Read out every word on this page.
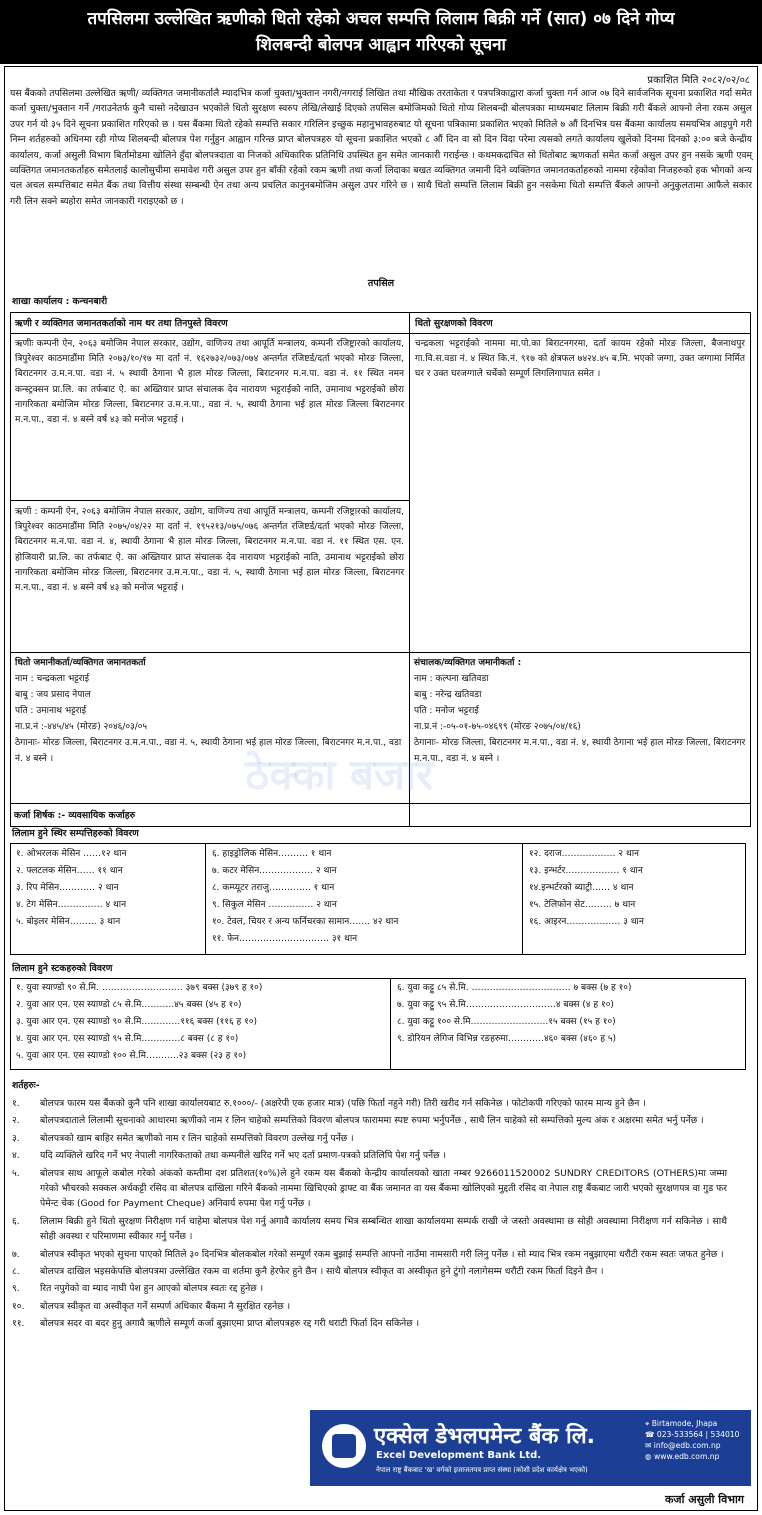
तपसिलमा उल्लेखित ऋणीको धितो रहेको अचल सम्पत्ति लिलाम बिक्री गर्ने (सात) ०७ दिने गोप्य
शिलबन्दी बोलपत्र आह्वान गरिएको सूचना
प्रकाशित मिति २०८२/०२/०८
यस बैंकको तपसिलमा उल्लेखित ऋणी/ व्यक्तिगत जमानीकर्तालै म्यादभित्र कर्जा चुक्ता/भुक्तान नगरी/नगराई लिखित तथा मौखिक तरताकेता र पत्रपत्रिकाद्वारा कर्जा चुक्ता गर्न आज ०७ दिने सार्वजनिक सूचना प्रकाशित गर्दा समेत कर्जा चुक्ता/भुक्तान गर्ने /गराउनेतर्फ कुनै चासो नदेखाउन भएकोले धितो सुरक्षण स्वरुप लेखि/लेखाई दिएको तपसिल बमोजिमको धितो गोप्य शिलबन्दी बोलपत्रका माध्यमबाट लिलाम बिक्री गरी बैंकले आफ्नो लेना रकम असुल उपर गर्न यो ३५ दिने सूचना प्रकाशित गरिएको छ । यस बैंकमा धितो रहेको सम्पत्ति सकार गरिलिन इच्छुक महानुभावहरुबाट यो सूचना पत्रिकामा प्रकाशित भएको मितिले ७ औं दिनभित्र यस बैंकमा कार्यालय समयभित्र आइपुगे गरी निम्न शर्तहरुको अधिनमा रही गोप्य शिलबन्दी बोलपत्र पेश गर्नुहुन आह्वान गरिन्छ प्राप्त बोलपत्रहरु यो सूचना प्रकाशित भएको ८ औं दिन वा सो दिन विदा परेमा त्यसको लगते कार्यालय खुलेको दिनमा दिनको ३:०० बजे केन्द्रीय कार्यालय, कर्जा असुली विभाग बिर्तामोडमा खोलिने हुँदा बोलपत्रदाता वा निजको अधिकारिक प्रतिनिधि उपस्थित हुन समेत जानकारी गराईन्छ । कथमकदाचित सो धितोबाट ऋणकर्ता समेत कर्जा असुल उपर हुन नसके ऋणी एवम् व्यक्तिगत जमानतकर्ताहरु समेतलाई कालोसुचीमा समावेश गरी असुल उपर हुन बाँकी रहेको रकम ऋणी तथा कर्जा लिदाका बखत व्यक्तिगत जमानी दिने व्यक्तिगत जमानतकर्ताहरुको नाममा रहेकोवा निजहरुको हक भोगको अन्य चल अचल सम्पत्तिबाट समेत बैंक तथा वित्तीय संस्था सम्बन्धी ऐन तथा अन्य प्रचलित कानुनबमोजिम असुल उपर गरिने छ । साथै धितो सम्पत्ति लिलाम बिक्री हुन नसकेमा धितो सम्पत्ति बैंकले आफ्नो अनुकुलतामा आफैले सकार गरी लिन सक्ने ब्यहोरा समेत जानकारी गराइएको छ ।
तपसिल
शाखा कार्यालय : कन्चनबारी
ऋणी र व्यक्तिगत जमानतकर्ताको नाम थर तथा तिनपुस्ते विवरण	धितो सुरक्षणको विवरण
ऋणीः कम्पनी ऐन, २०६३ बमोजिम नेपाल सरकार, उद्योग, वाणिज्य तथा आपूर्ति मन्त्रालय, कम्पनी रजिष्ट्रारको कार्यालय, त्रिपुरेश्वर काठमाडौंमा मिति २०७३/१०/१७ मा दर्ता नं. १६२७३२/०७३/०७४ अन्तर्गत रजिष्टर्ड/दर्ता भएको मोरङ जिल्ला, बिराटनगर उ.म.न.पा. वडा नं. ५ स्थायी ठेगाना भै हाल मोरङ जिल्ला, बिराटनगर म.न.पा. वडा नं. ११ स्थित नमन कन्स्ट्रक्सन प्रा.लि. का तर्फबाट ऐ. का अख्तियार प्राप्त संचालक देव नारायण भट्टराईको नाति, उमानाथ भट्टराईको छोरा नागरिकता बमोजिम मोरङ जिल्ला, बिराटनगर उ.म.न.पा., वडा नं. ५, स्थायी ठेगाना भई हाल मोरङ जिल्ला बिराटनगर म.न.पा., वडा नं. ४ बस्ने वर्ष ४३ को मनोज भट्टराई ।
चन्द्रकला भट्टराईको नाममा मा.पो.का बिराटनगरमा, दर्ता कायम रहेको मोरङ जिल्ला, बैजनाथपुर गा.वि.स.वडा नं. ४ स्थित कि.नं. ९१७ को क्षेत्रफल ७४२४.४५ ब.मि. भएको जग्गा, उक्त जग्गामा निर्मित घर र उक्त घरजग्गाले चर्चेको सम्पूर्ण लिगलिगापात समेत ।
ऋणी : कम्पनी ऐन, २०६३ बमोजिम नेपाल सरकार, उद्योग, वाणिज्य तथा आपूर्ति मन्त्रालय, कम्पनी रजिष्ट्रारको कार्यालय, त्रिपुरेश्वर काठमाडौंमा मिति २०७५/०४/२२ मा दर्ता नं. १९५२१३/०७५/०७६ अन्तर्गत रजिष्टर्ड/दर्ता भएको मोरङ जिल्ला, बिराटनगर म.न.पा. वडा नं. ४, स्थायी ठेगाना भै हाल मोरङ जिल्ला, बिराटनगर म.न.पा. वडा नं. ११ स्थित एस. एन. होजियारी प्रा.लि. का तर्फबाट ऐ. का अख्तियार प्राप्त संचालक देव नारायण भट्टराईको नाति, उमानाथ भट्टराईको छोरा नागरिकता बमोजिम मोरङ जिल्ला, बिराटनगर उ.म.न.पा., वडा नं. ५, स्थायी ठेगाना भई हाल मोरङ जिल्ला, बिराटनगर म.न.पा., वडा नं. ४ बस्ने वर्ष ४३ को मनोज भट्टराई ।
धितो जमानीकर्ता/व्यक्तिगत जमानतकर्ता
नाम : चन्द्रकला भट्टराई
बाबु : जय प्रसाद नेपाल
पति : उमानाथ भट्टराई
ना.प्र.नं :-४४५/४५ (मोरङ) २०४६/०३/०५
ठेगानाः- मोरङ जिल्ला, बिराटनगर उ.म.न.पा., वडा नं. ५, स्थायी ठेगाना भई हाल मोरङ जिल्ला, बिराटनगर म.न.पा., वडा नं. ४ बस्ने ।
संचालक/व्यक्तिगत जमानीकर्ता :
नाम : कल्पना खतिवडा
बाबु : नरेन्द्र खतिवडा
पति : मनोज भट्टराई
ना.प्र.नं :-०५-०१-७५-०४६९९ (मोरङ २०७५/०४/१६)
ठेगानाः- मोरङ जिल्ला, बिराटनगर म.न.पा., वडा नं. ४, स्थायी ठेगाना भई हाल मोरङ जिल्ला, बिराटनगर म.न.पा., वडा नं. ४ बस्ने ।
ठेक्का बजार
कर्जा शिर्षक :- व्यवसायिक कर्जाहरु
लिलाम हुने स्थिर सम्पत्तिहरुको विवरण
१. ओभरलक मेसिन ……१२ थान
२. फ्लटलक मेसिन…… ११ थान
३. रिप मेसिन………… २ थान
४. टेग मेसिन…………… ४ थान
५. बोइलर मेसिन……… ३ थान
६. हाइड्रोलिक मेसिन………. १ थान
७. कटर मेसिन……………… २ थान
८. कम्प्यूटर तराजु………….. १ थान
९. सिकुल मेसिन …………… २ थान
१०. टेवल, चियर र अन्य फर्निचरका सामान……. ४२ थान
११. फेन………………………… ३१ थान
१२. दराज……………… २ थान
१३. इन्भर्टर……………… १ थान
१४.इन्भर्टरको ब्याट्री…… ४ थान
१५. टेलिफोन सेट……… ७ थान
१६. आइरन……………… ३ थान
लिलाम हुने स्टकहरुको विवरण
१. युवा स्याण्डो ९० से.मि. ……………………… ३७९ बक्स (३७९ ह १०)
२. युवा आर एन. एस स्याण्डो ८५ से.मि………..४५ बक्स (४५ ह १०)
३. युवा आर एन. एस स्याण्डो ९० से.मि………….११६ बक्स (११६ ह १०)
४. युवा आर एन. एस स्याण्डो ९५ से.मि………….८ बक्स (८ ह १०)
५. युवा आर एन. एस स्याण्डो १०० से.मि………..२३ बक्स (२३ ह १०)
६. युवा कट्टु ८५ से.मि. …………………………… ७ बक्स (७ ह १०)
७. युवा कट्टु ९५ से.मि…………………………४ बक्स (४ ह १०)
८. युवा कट्टु १०० से.मि……………………..१५ बक्स (१५ ह १०)
९. डोरियन लेगिज विभिन्न रङहरुमा…………४६० बक्स (४६० ह ५)
शर्तहरुः-
१. बोलपत्र फारम यस बैंकको कुनै पनि शाखा कार्यालयबाट रु.१०००/- (अक्षरेपी एक हजार मात्र) (पछि फिर्ता नहुने गरी) तिरी खरीद गर्न सकिनेछ । फोटोकपी गरिएको फारम मान्य हुने छैन ।
२. बोलपत्रदाताले लिलामी सूचनाको आधारमा ऋणीको नाम र लिन चाहेको सम्पत्तिको विवरण बोलपत्र फाराममा स्पष्ट रुपमा भर्नुपर्नेछ , साथै लिन चाहेको सो सम्पत्तिको मुल्य अंक र अक्षरमा समेत भर्नु पर्नेछ ।
३. बोलपत्रको खाम बाहिर समेत ऋणीको नाम र लिन चाहेको सम्पत्तिको विवरण उल्लेख गर्नु पर्नेछ ।
४. यदि व्यक्तिले खरिद गर्ने भए नेपाली नागरिकताको तथा कम्पनीले खरिद गर्ने भए दर्ता प्रमाण-पत्रको प्रतिलिपि पेश गर्नु पर्नेछ ।
५. बोलपत्र साथ आफूले कबोल गरेको अंकको कम्तीमा दश प्रतिशत(१०%)ले हुने रकम यस बैंकको केन्द्रीय कार्यालयको खाता नम्बर 9266011520002 SUNDRY CREDITORS (OTHERS)मा जम्मा गरेको भौचरको सक्कल अर्धकट्टी रसिद वा बोलपत्र दाखिला गरिने बैंकको नाममा खिचिएको ड्राफ्ट वा बैंक जमानत वा यस बैंकमा खोलिएको मुद्दती रसिद वा नेपाल राष्ट्र बैंकबाट जारी भएको सुरक्षणपत्र वा गुड फर पेमेन्ट चेक (Good for Payment Cheque) अनिवार्य रुपमा पेश गर्नु पर्नेछ ।
६. लिलाम बिक्री हुने धितो सुरक्षण निरीक्षण गर्न चाहेमा बोलपत्र पेश गर्नु अगावै कार्यालय समय भित्र सम्बन्धित शाखा कार्यालयमा सम्पर्क राखी जे जस्तो अवस्थामा छ सोही अवस्थामा निरीक्षण गर्न सकिनेछ । साथै सोही अवस्था र परिमाणमा स्वीकार गर्नु पर्नेछ ।
७. बोलपत्र स्वीकृत भएको सुचना पाएको मितिले ३० दिनभित्र बोलकबोल गरेको सम्पूर्ण रकम बुझाई सम्पत्ति आफ्नो नाउँमा नामसारी गरी लिनु पर्नेछ । सो म्याद भित्र रकम नबुझाएमा धरौटी रकम स्वतः जफत हुनेछ ।
८. बोलपत्र दाखिल भइसकेपछि बोलपत्रमा उल्लेखित रकम वा शर्तमा कुनै हेरफेर हुने छैन । साथै बोलपत्र स्वीकृत वा अस्वीकृत हुने टुंगो नलागेसम्म धरौटी रकम फिर्ता दिइने छैन ।
९. रित नपुगेको वा म्याद नाघी पेश हुन आएको बोलपत्र स्वतः रद्द हुनेछ ।
१०. बोलपत्र स्वीकृत वा अस्वीकृत गर्ने सम्पर्ण अधिकार बैंकमा नै सुरक्षित रहनेछ ।
११. बोलपत्र सदर वा बदर हुनु अगावै ऋणीले सम्पूर्ण कर्जा बुझाएमा प्राप्त बोलपत्रहरु रद्द गरी धराटी फिर्ता दिन सकिनेछ ।
एक्सेल डेभलपमेन्ट बैंक लि.
Excel Development Bank Ltd.
नेपाल राष्ट्र बैंकबाट 'ख' वर्गको इजाजतपत्र प्राप्त संस्था (कोशी प्रदेश कार्यक्षेत्र भएको)
⌖ Birtamode, Jhapa
☎ 023-533564 | 534010
✉ info@edb.com.np
◍ www.edb.com.np
कर्जा असुली विभाग
